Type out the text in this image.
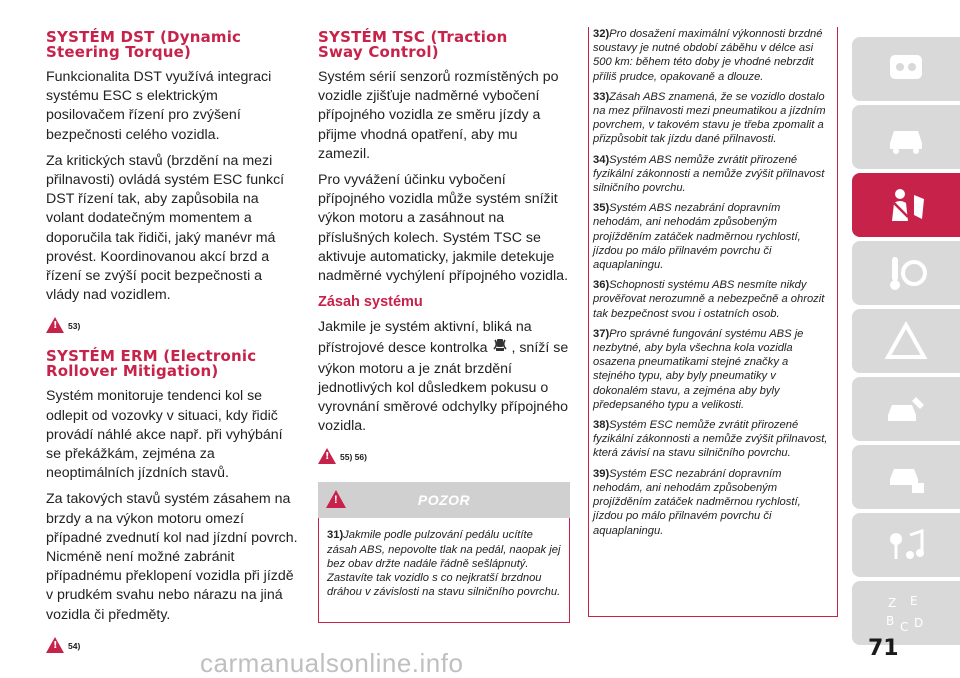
SYSTÉM DST (Dynamic
Steering Torque)

Funkcionalita DST využívá integraci systému ESC s elektrickým posilovačem řízení pro zvýšení bezpečnosti celého vozidla.

Za kritických stavů (brzdění na mezi přilnavosti) ovládá systém ESC funkcí DST řízení tak, aby zapůsobila na volant dodatečným momentem a doporučila tak řidiči, jaký manévr má provést. Koordinovanou akcí brzd a řízení se zvýší pocit bezpečnosti a vlády nad vozidlem.

!
53)
SYSTÉM ERM (Electronic
Rollover Mitigation)

Systém monitoruje tendenci kol se odlepit od vozovky v situaci, kdy řidič provádí náhlé akce např. při vyhýbání se překážkám, zejména za neoptimálních jízdních stavů.

Za takových stavů systém zásahem na brzdy a na výkon motoru omezí případné zvednutí kol nad jízdní povrch. Nicméně není možné zabránit případnému překlopení vozidla při jízdě v prudkém svahu nebo nárazu na jiná vozidla či předměty.

!
54)
SYSTÉM TSC (Traction
Sway Control)

Systém sérií senzorů rozmístěných po vozidle zjišťuje nadměrné vybočení přípojného vozidla ze směru jízdy a přijme vhodná opatření, aby mu zamezil.

Pro vyvážení účinku vybočení přípojného vozidla může systém snížit výkon motoru a zasáhnout na příslušných kolech. Systém TSC se aktivuje automaticky, jakmile detekuje nadměrné vychýlení přípojného vozidla.

Zásah systému

Jakmile je systém aktivní, bliká na přístrojové desce kontrolka , sníží se výkon motoru a je znát brzdění jednotlivých kol důsledkem pokusu o vyrovnání směrové odchylky přípojného vozidla.

!
55) 56)
!
POZOR

31)Jakmile podle pulzování pedálu ucítíte zásah ABS, nepovolte tlak na pedál, naopak jej bez obav držte nadále řádně sešlápnutý. Zastavíte tak vozidlo s co nejkratší brzdnou dráhou v závislosti na stavu silničního povrchu.

32)Pro dosažení maximální výkonnosti brzdné soustavy je nutné období záběhu v délce asi 500 km: během této doby je vhodné nebrzdit příliš prudce, opakovaně a dlouze.

33)Zásah ABS znamená, že se vozidlo dostalo na mez přilnavosti mezi pneumatikou a jízdním povrchem, v takovém stavu je třeba zpomalit a přizpůsobit tak jízdu dané přilnavosti.

34)Systém ABS nemůže zvrátit přirozené fyzikální zákonnosti a nemůže zvýšit přilnavost silničního povrchu.

35)Systém ABS nezabrání dopravním nehodám, ani nehodám způsobeným projížděním zatáček nadměrnou rychlostí, jízdou po málo přilnavém povrchu či aquaplaningu.

36)Schopnosti systému ABS nesmíte nikdy prověřovat nerozumně a nebezpečně a ohrozit tak bezpečnost svou i ostatních osob.

37)Pro správné fungování systému ABS je nezbytné, aby byla všechna kola vozidla osazena pneumatikami stejné značky a stejného typu, aby byly pneumatiky v dokonalém stavu, a zejména aby byly předepsaného typu a velikosti.

38)Systém ESC nemůže zvrátit přirozené fyzikální zákonnosti a nemůže zvýšit přilnavost, která závisí na stavu silničního povrchu.

39)Systém ESC nezabrání dopravním nehodám, ani nehodám způsobeným projížděním zatáček nadměrnou rychlostí, jízdou po málo přilnavém povrchu či aquaplaningu.

Z E
B C D
71
carmanualsonline.info
